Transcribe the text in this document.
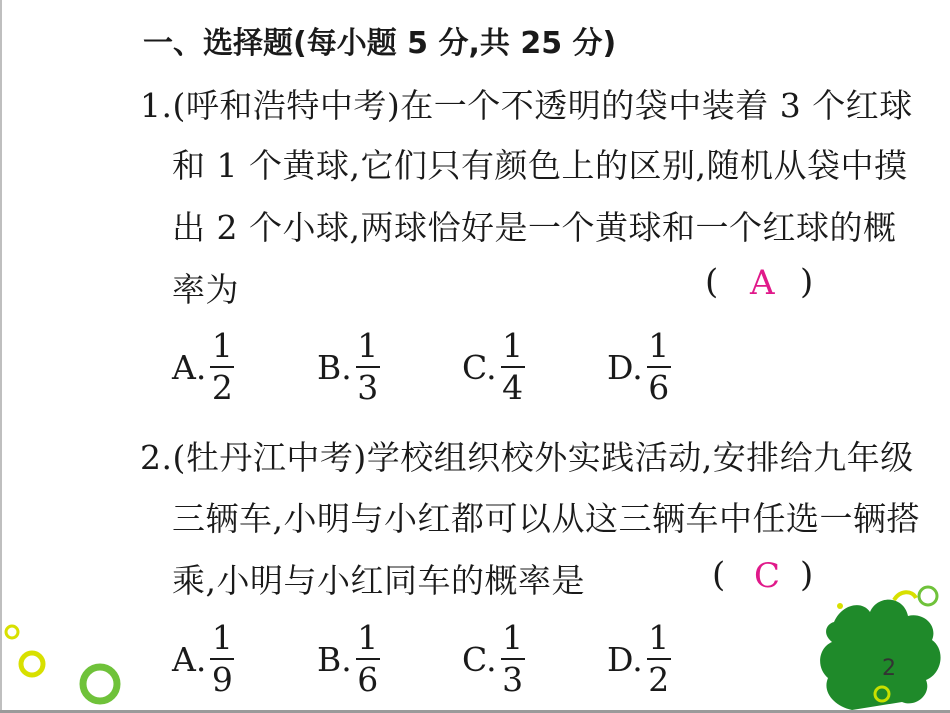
一、选择题(每小题 5 分,共 25 分)
1.(呼和浩特中考)在一个不透明的袋中装着 3 个红球
和 1 个黄球,它们只有颜色上的区别,随机从袋中摸
出 2 个小球,两球恰好是一个黄球和一个红球的概
率为	( A )
A. $\frac{1}{2}$	B. $\frac{1}{3} C$. $\frac{1}{4} D$. $\frac{1}{6}$
2.(牡丹江中考)学校组织校外实践活动,安排给九年级
三辆车,小明与小红都可以从这三辆车中任选一辆搭
乘,小明与小红同车的概率是	( C )
A. $\frac{1}{9}$	B. $\frac{1}{6} C$. $\frac{1}{3} D$. $\frac{1}{2}$	2
